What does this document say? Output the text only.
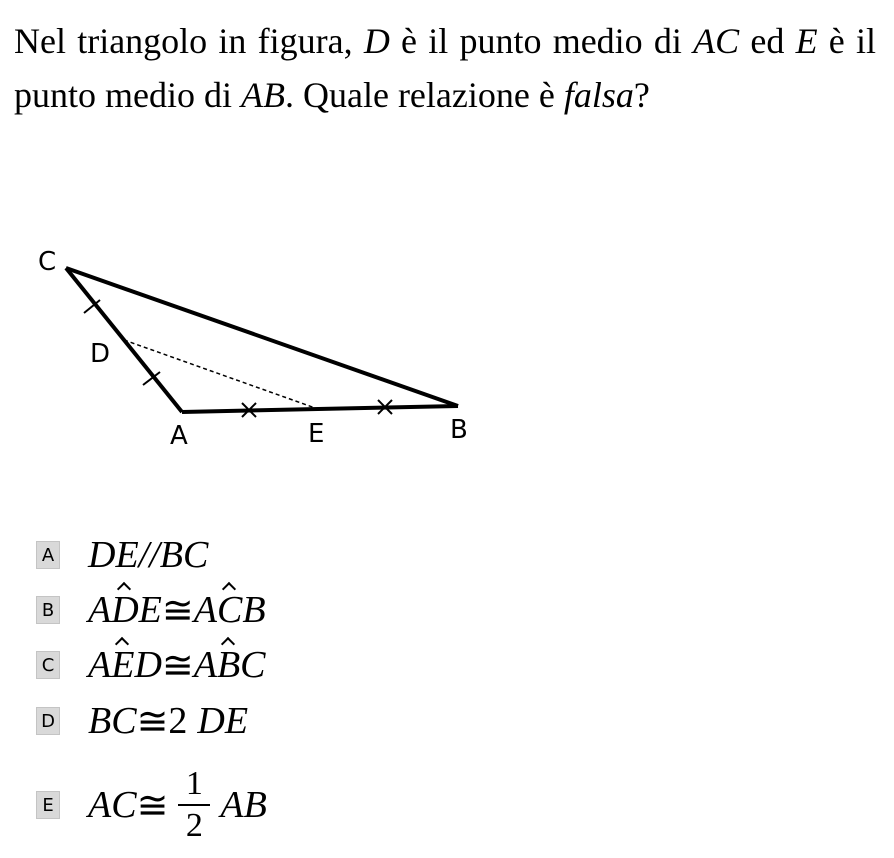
Nel triangolo in figura, D è il punto medio di AC ed E è il punto medio di AB. Quale relazione è falsa?
C
D
A	E	B
A DE // BC
B A D E ≅ A C B
C A E D ≅ A B C
D BC ≅ 2 DE
E AC ≅ $\frac{1}{2}$ AB
